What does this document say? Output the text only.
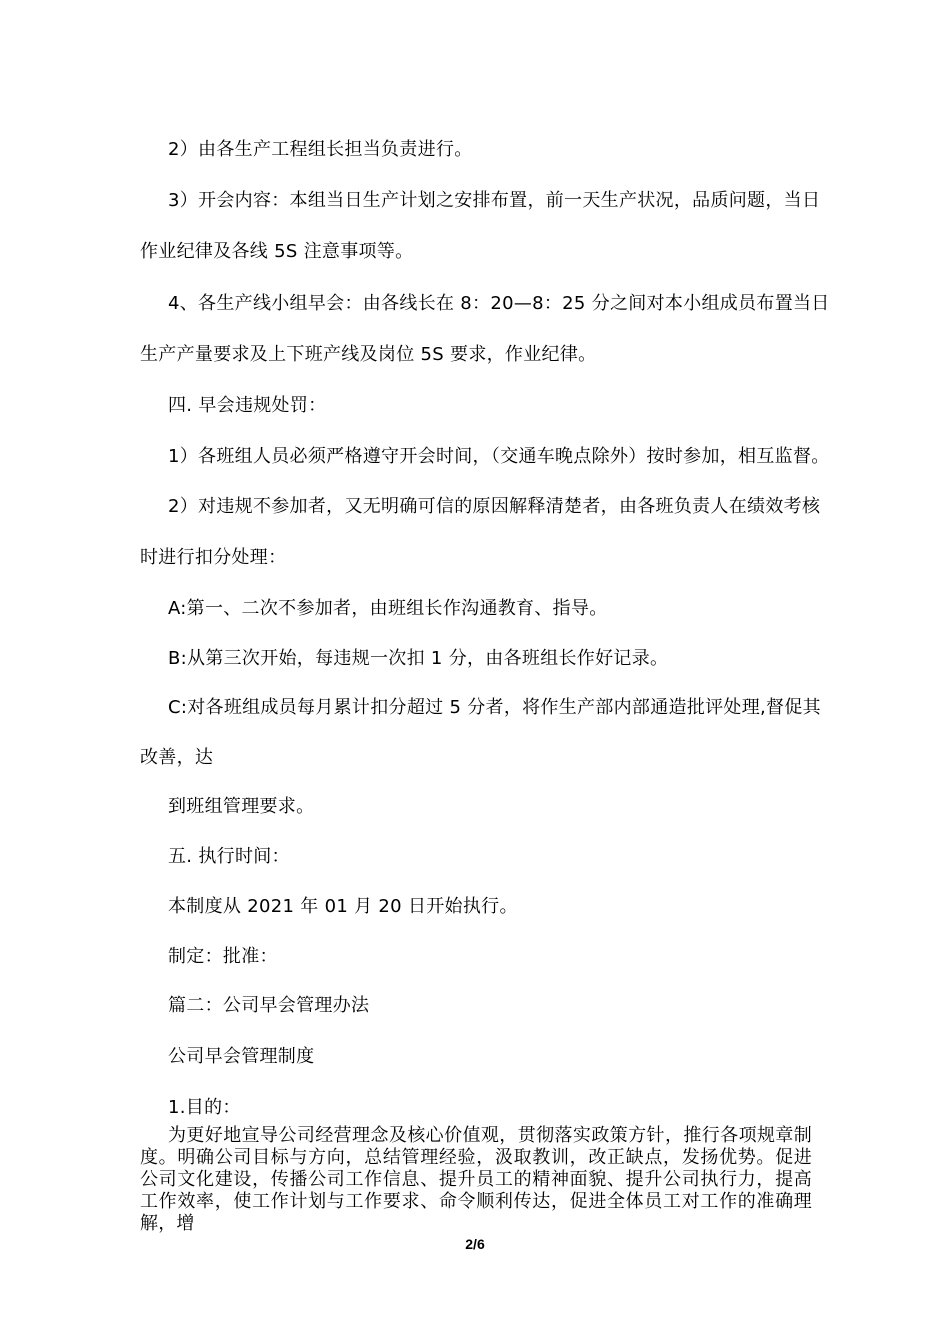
2）由各生产工程组长担当负责进行。
3）开会内容：本组当日生产计划之安排布置，前一天生产状况，品质问题，当日
作业纪律及各线 5S 注意事项等。
4、各生产线小组早会：由各线长在 8：20—8：25 分之间对本小组成员布置当日
生产产量要求及上下班产线及岗位 5S 要求，作业纪律。
四. 早会违规处罚：
1）各班组人员必须严格遵守开会时间，（交通车晚点除外）按时参加，相互监督。
2）对违规不参加者，又无明确可信的原因解释清楚者，由各班负责人在绩效考核
时进行扣分处理：
A:第一、二次不参加者，由班组长作沟通教育、指导。
B:从第三次开始，每违规一次扣 1 分，由各班组长作好记录。
C:对各班组成员每月累计扣分超过 5 分者，将作生产部内部通造批评处理,督促其
改善，达
到班组管理要求。
五. 执行时间：
本制度从 2021 年 01 月 20 日开始执行。
制定：批准：
篇二：公司早会管理办法
公司早会管理制度
1.目的：
为更好地宣导公司经营理念及核心价值观，贯彻落实政策方针，推行各项规章制度。明确公司目标与方向，总结管理经验，汲取教训，改正缺点，发扬优势。促进公司文化建设，传播公司工作信息、提升员工的精神面貌、提升公司执行力，提高工作效率，使工作计划与工作要求、命令顺利传达，促进全体员工对工作的准确理解，增
2/6
